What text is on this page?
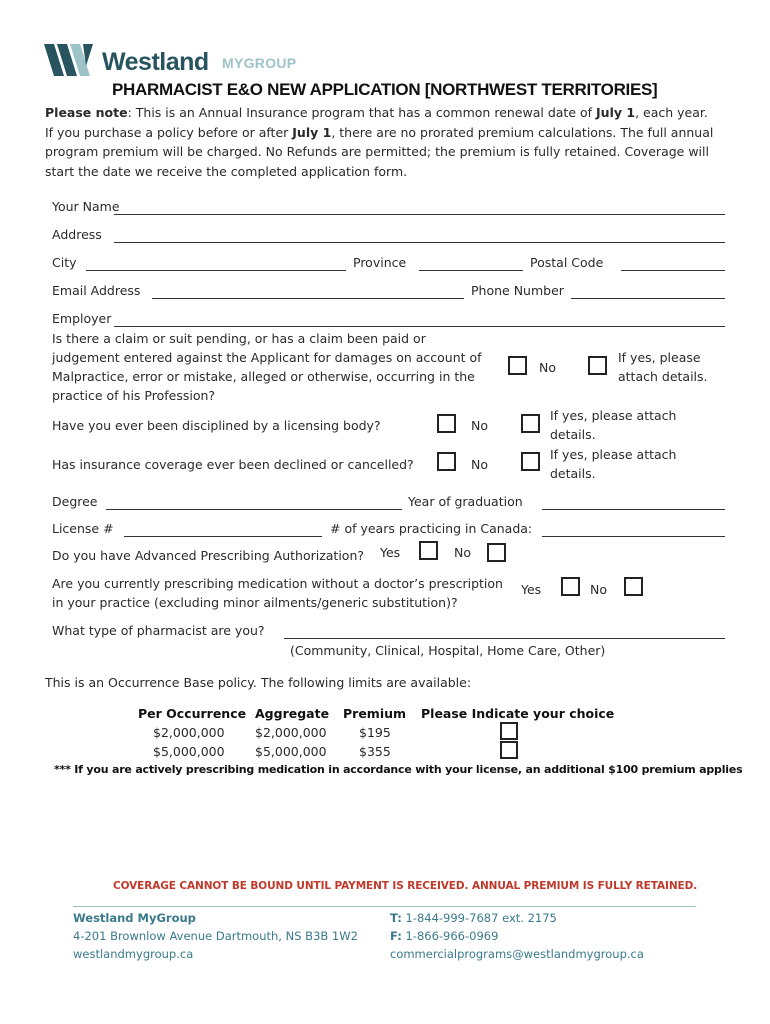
Westland MYGROUP
PHARMACIST E&O NEW APPLICATION [NORTHWEST TERRITORIES]
Please note: This is an Annual Insurance program that has a common renewal date of July 1, each year. If you purchase a policy before or after July 1, there are no prorated premium calculations. The full annual program premium will be charged. No Refunds are permitted; the premium is fully retained. Coverage will start the date we receive the completed application form.
Your Name
Address
City	Province	Postal Code
Email Address	Phone Number
Employer
Is there a claim or suit pending, or has a claim been paid or
judgement entered against the Applicant for damages on account of
Malpractice, error or mistake, alleged or otherwise, occurring in the
practice of his Profession?
No
If yes, please
attach details.
Have you ever been disciplined by a licensing body?	No
If yes, please attach
details.
Has insurance coverage ever been declined or cancelled?	No
If yes, please attach
details.
Degree	Year of graduation
License #	# of years practicing in Canada:
Do you have Advanced Prescribing Authorization? Yes	No
Are you currently prescribing medication without a doctor’s prescription
in your practice (excluding minor ailments/generic substitution)?
Yes	No
What type of pharmacist are you?
(Community, Clinical, Hospital, Home Care, Other)
This is an Occurrence Base policy. The following limits are available:
Per Occurrence Aggregate Premium Please Indicate your choice
$2,000,000 $2,000,000	$195
$5,000,000 $5,000,000	$355
*** If you are actively prescribing medication in accordance with your license, an additional $100 premium applies
COVERAGE CANNOT BE BOUND UNTIL PAYMENT IS RECEIVED. ANNUAL PREMIUM IS FULLY RETAINED.
Westland MyGroup
4-201 Brownlow Avenue Dartmouth, NS B3B 1W2
westlandmygroup.ca
T: 1-844-999-7687 ext. 2175
F: 1-866-966-0969
commercialprograms@westlandmygroup.ca
